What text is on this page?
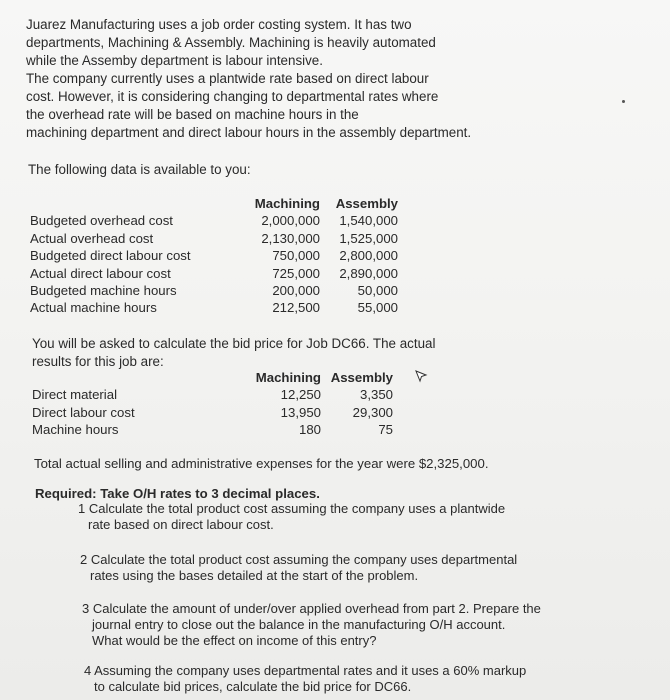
Juarez Manufacturing uses a job order costing system. It has two
departments, Machining & Assembly. Machining is heavily automated
while the Assemby department is labour intensive.
The company currently uses a plantwide rate based on direct labour
cost. However, it is considering changing to departmental rates where
the overhead rate will be based on machine hours in the
machining department and direct labour hours in the assembly department.
The following data is available to you:
	Machining	Assembly
Budgeted overhead cost	2,000,000	1,540,000
Actual overhead cost	2,130,000	1,525,000
Budgeted direct labour cost	750,000	2,800,000
Actual direct labour cost	725,000	2,890,000
Budgeted machine hours	200,000	50,000
Actual machine hours	212,500	55,000
You will be asked to calculate the bid price for Job DC66. The actual
results for this job are:
	Machining	Assembly
Direct material	12,250	3,350
Direct labour cost	13,950	29,300
Machine hours	180	75
Total actual selling and administrative expenses for the year were $2,325,000.
Required: Take O/H rates to 3 decimal places.
1 Calculate the total product cost assuming the company uses a plantwide
rate based on direct labour cost.
2 Calculate the total product cost assuming the company uses departmental
rates using the bases detailed at the start of the problem.
3 Calculate the amount of under/over applied overhead from part 2. Prepare the
journal entry to close out the balance in the manufacturing O/H account.
What would be the effect on income of this entry?
4 Assuming the company uses departmental rates and it uses a 60% markup
to calculate bid prices, calculate the bid price for DC66.
